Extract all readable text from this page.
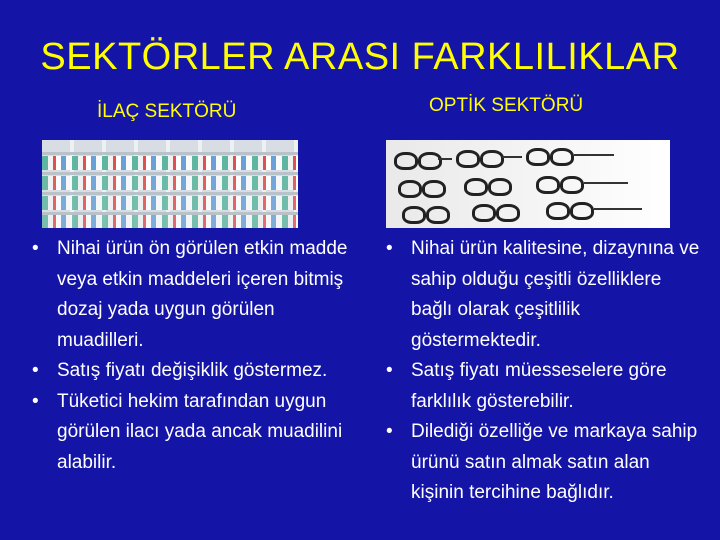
SEKTÖRLER ARASI FARKLILIKLAR
İLAÇ SEKTÖRÜ	OPTİK SEKTÖRÜ
• Nihai ürün ön görülen etkin madde veya etkin maddeleri içeren bitmiş dozaj yada uygun görülen muadilleri.
• Satış fiyatı değişiklik göstermez.
• Tüketici hekim tarafından uygun görülen ilacı yada ancak muadilini alabilir.
• Nihai ürün kalitesine, dizaynına ve sahip olduğu çeşitli özelliklere bağlı olarak çeşitlilik göstermektedir.
• Satış fiyatı müesseselere göre farklılık gösterebilir.
• Dilediği özelliğe ve markaya sahip ürünü satın almak satın alan kişinin tercihine bağlıdır.
